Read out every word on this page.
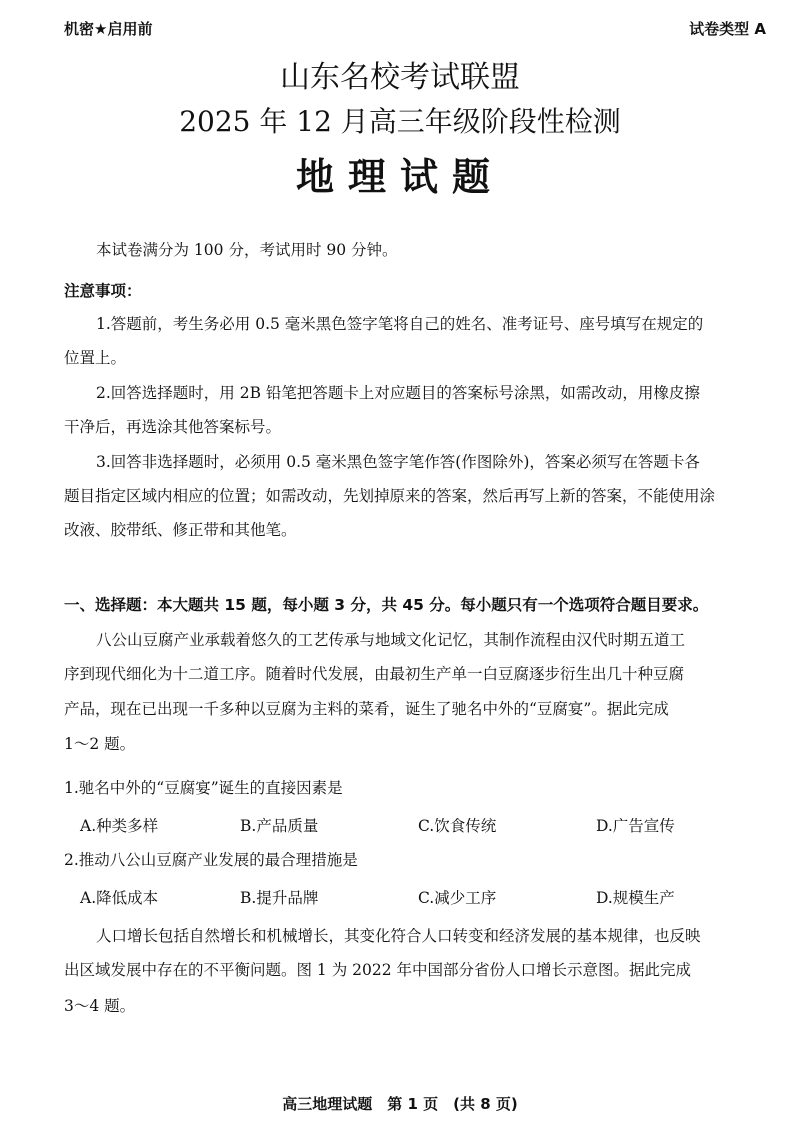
机密★启用前	试卷类型 A
山东名校考试联盟
2025 年 12 月高三年级阶段性检测
地理试题
本试卷满分为 100 分，考试用时 90 分钟。
注意事项：
1.答题前，考生务必用 0.5 毫米黑色签字笔将自己的姓名、准考证号、座号填写在规定的
位置上。
2.回答选择题时，用 2B 铅笔把答题卡上对应题目的答案标号涂黑，如需改动，用橡皮擦
干净后，再选涂其他答案标号。
3.回答非选择题时，必须用 0.5 毫米黑色签字笔作答(作图除外)，答案必须写在答题卡各
题目指定区域内相应的位置；如需改动，先划掉原来的答案，然后再写上新的答案，不能使用涂
改液、胶带纸、修正带和其他笔。
一、选择题：本大题共 15 题，每小题 3 分，共 45 分。每小题只有一个选项符合题目要求。
八公山豆腐产业承载着悠久的工艺传承与地域文化记忆，其制作流程由汉代时期五道工
序到现代细化为十二道工序。随着时代发展，由最初生产单一白豆腐逐步衍生出几十种豆腐
产品，现在已出现一千多种以豆腐为主料的菜肴，诞生了驰名中外的“豆腐宴”。据此完成
1～2 题。
1.驰名中外的“豆腐宴”诞生的直接因素是
A.种类多样	B.产品质量	C.饮食传统	D.广告宣传
2.推动八公山豆腐产业发展的最合理措施是
A.降低成本	B.提升品牌	C.减少工序	D.规模生产
人口增长包括自然增长和机械增长，其变化符合人口转变和经济发展的基本规律，也反映
出区域发展中存在的不平衡问题。图 1 为 2022 年中国部分省份人口增长示意图。据此完成
3～4 题。
高三地理试题　第 1 页　(共 8 页)
